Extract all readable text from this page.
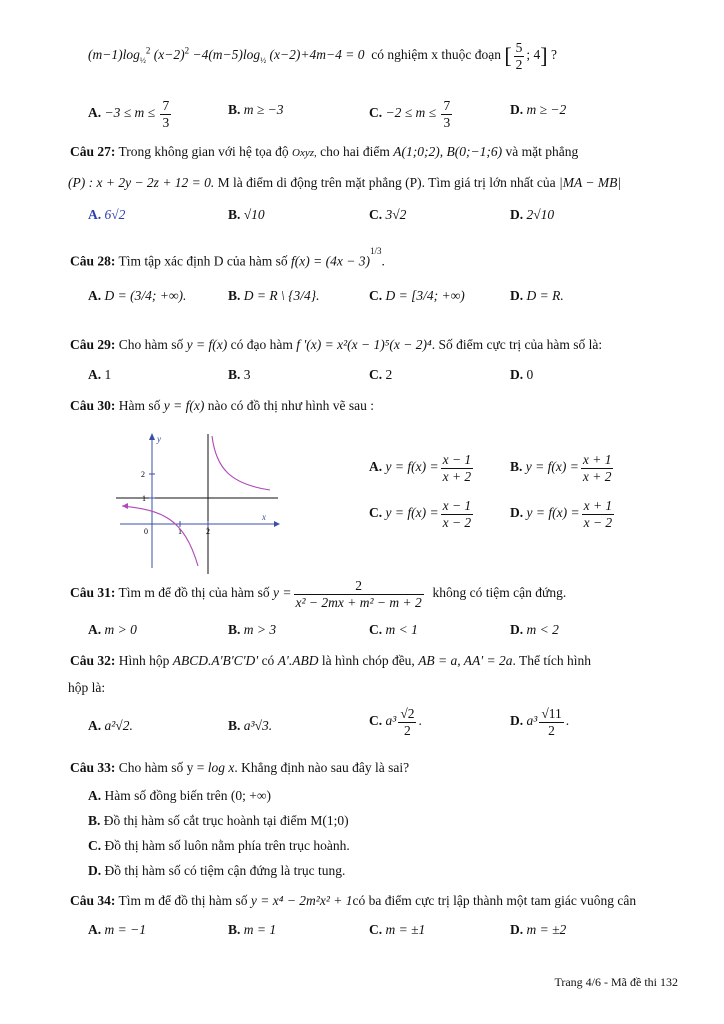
$(m-1)\log_{\frac{1}{2}}^2$ $(x-2)^2 -4(m-5)\log_{\frac{1}{2}}$ (x−2)+4m−4 = 0 có nghiệm x thuộc đoạn [ $\frac{5}{2}$ ; 4] ?
A. $-3 \le m \le \frac{7}{3}$	B. m ≥ −3	C. $-2 \le m \le \frac{7}{3}$	D. m ≥ −2
Câu 27: Trong không gian với hệ tọa độ Oxyz, cho hai điểm A(1;0;2), B(0;−1;6) và mặt phẳng
(P) : x + 2y − 2z + 12 = 0. M là điểm di động trên mặt phẳng (P). Tìm giá trị lớn nhất của |MA − MB|
A. 6√2	B. √10	C. 3√2	D. 2√10
Câu 28: Tìm tập xác định D của hàm số $f(x) = (4x - 3)^{1/3}$.
A. D = (3/4; +∞).	B. D = R \ {3/4}.	C. D = [3/4; +∞)	D. D = R.
Câu 29: Cho hàm số y = f(x) có đạo hàm f '(x) = x²(x − 1)⁵(x − 2)⁴. Số điểm cực trị của hàm số là:
A. 1	B. 3	C. 2	D. 0
Câu 30: Hàm số y = f(x) nào có đồ thị như hình vẽ sau :
y
x
2
1
0	1	2
A. $y = f(x) = \frac{x - 1}{x + 2}$	B. $y = f(x) = \frac{x + 1}{x + 2}$
C. $y = f(x) = \frac{x - 1}{x - 2}$	D. $y = f(x) = \frac{x + 1}{x - 2}$
Câu 31: Tìm m để đồ thị của hàm số $y = \frac{2}{\text{x² − 2mx + m² − m + 2}}$ không có tiệm cận đứng.
A. m > 0	B. m > 3	C. m < 1	D. m < 2
Câu 32: Hình hộp ABCD.A'B'C'D' có A'.ABD là hình chóp đều, AB = a, AA' = 2a. Thể tích hình
hộp là:
A. a²√2.	B. a³√3.	C. $a^3 \frac{√2}{2}$ .	D. $a^3 \frac{√11}{2}$ .
Câu 33: Cho hàm số y = log x. Khẳng định nào sau đây là sai?
A. Hàm số đồng biến trên (0; +∞)
B. Đồ thị hàm số cắt trục hoành tại điểm M(1;0)
C. Đồ thị hàm số luôn nằm phía trên trục hoành.
D. Đồ thị hàm số có tiệm cận đứng là trục tung.
Câu 34: Tìm m để đồ thị hàm số y = x⁴ − 2m²x² + 1có ba điểm cực trị lập thành một tam giác vuông cân
A. m = −1	B. m = 1	C. m = ±1	D. m = ±2
Trang 4/6 - Mã đề thi 132
